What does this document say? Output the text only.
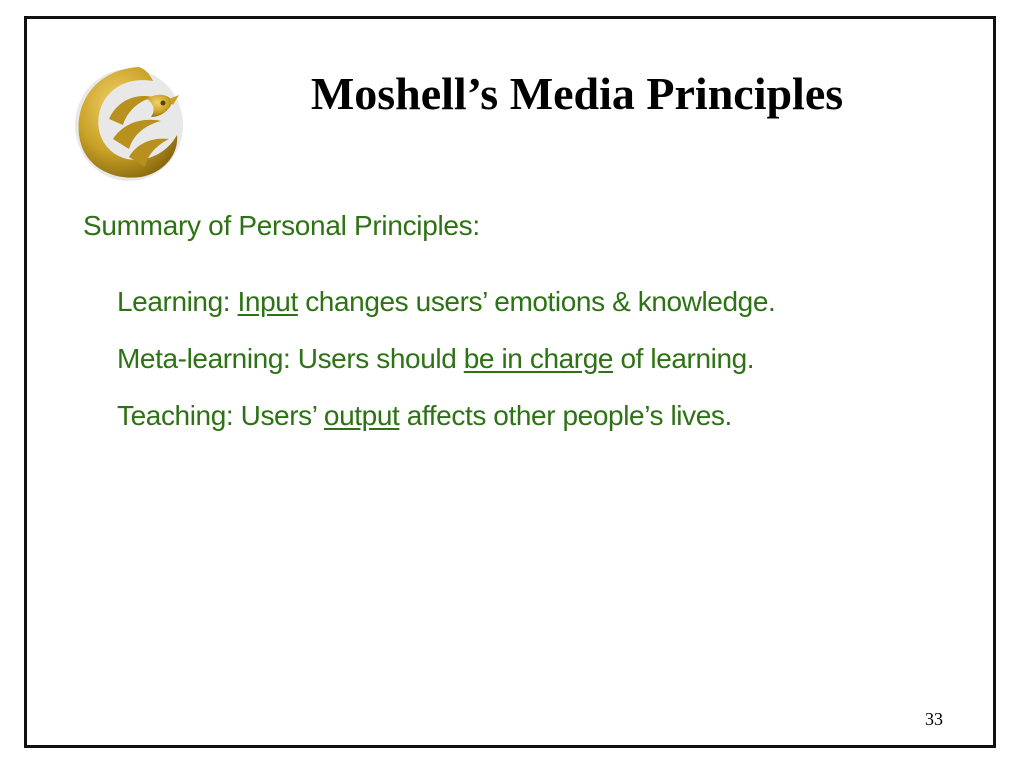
Moshell’s Media Principles

Summary of Personal Principles:

Learning: Input changes users’ emotions & knowledge.
Meta-learning: Users should be in charge of learning.
Teaching: Users’ output affects other people’s lives.
33
